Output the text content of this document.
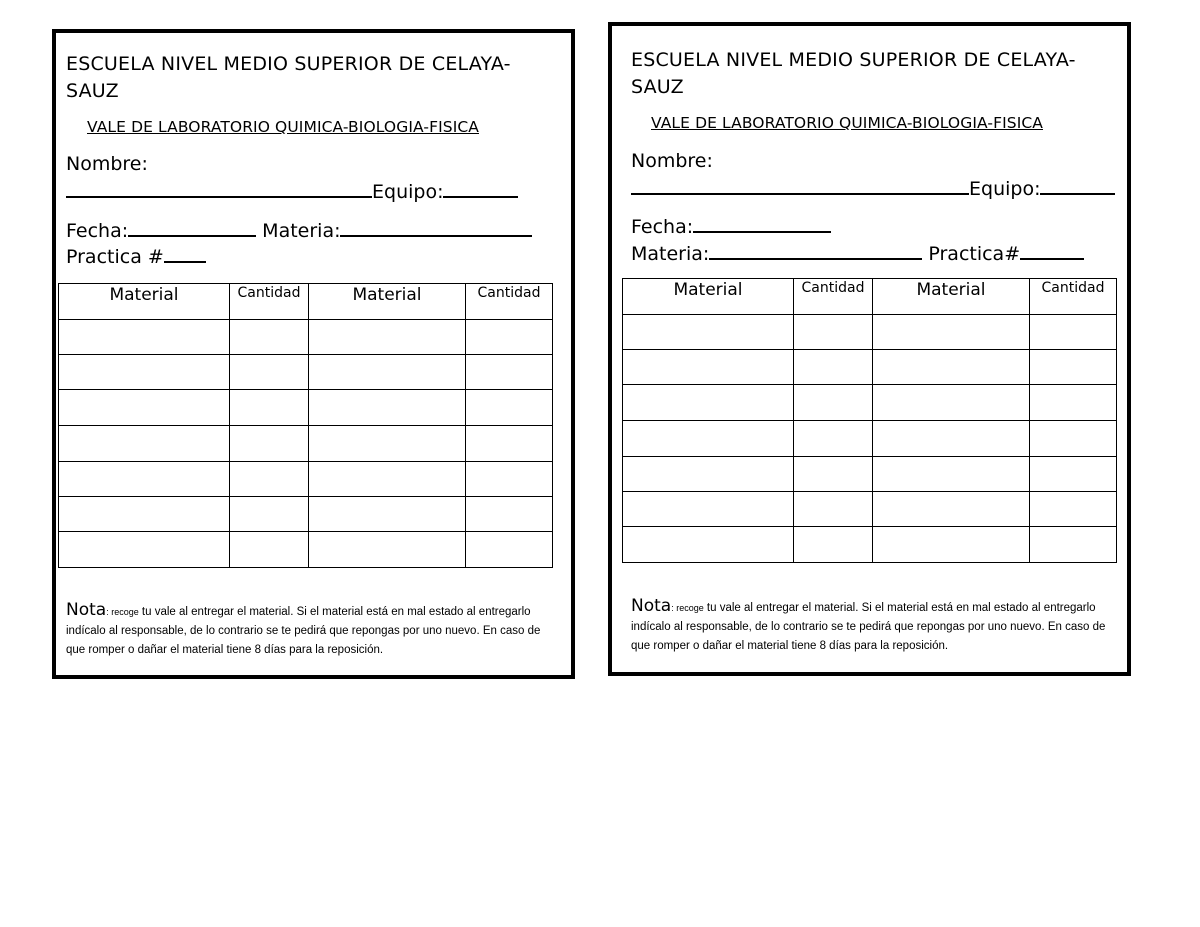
ESCUELA NIVEL MEDIO SUPERIOR DE CELAYA-SAUZ
VALE DE LABORATORIO QUIMICA-BIOLOGIA-FISICA
Nombre:
Equipo:
Fecha:	Materia:
Practica #
Material	Cantidad	Material	Cantidad

Nota: recoge tu vale al entregar el material. Si el material está en mal estado al entregarlo indícalo al responsable, de lo contrario se te pedirá que repongas por uno nuevo. En caso de que romper o dañar el material tiene 8 días para la reposición.
ESCUELA NIVEL MEDIO SUPERIOR DE CELAYA-SAUZ
VALE DE LABORATORIO QUIMICA-BIOLOGIA-FISICA
Nombre:
Equipo:
Fecha:
Materia:	Practica#
Material	Cantidad	Material	Cantidad

Nota: recoge tu vale al entregar el material. Si el material está en mal estado al entregarlo indícalo al responsable, de lo contrario se te pedirá que repongas por uno nuevo. En caso de que romper o dañar el material tiene 8 días para la reposición.
